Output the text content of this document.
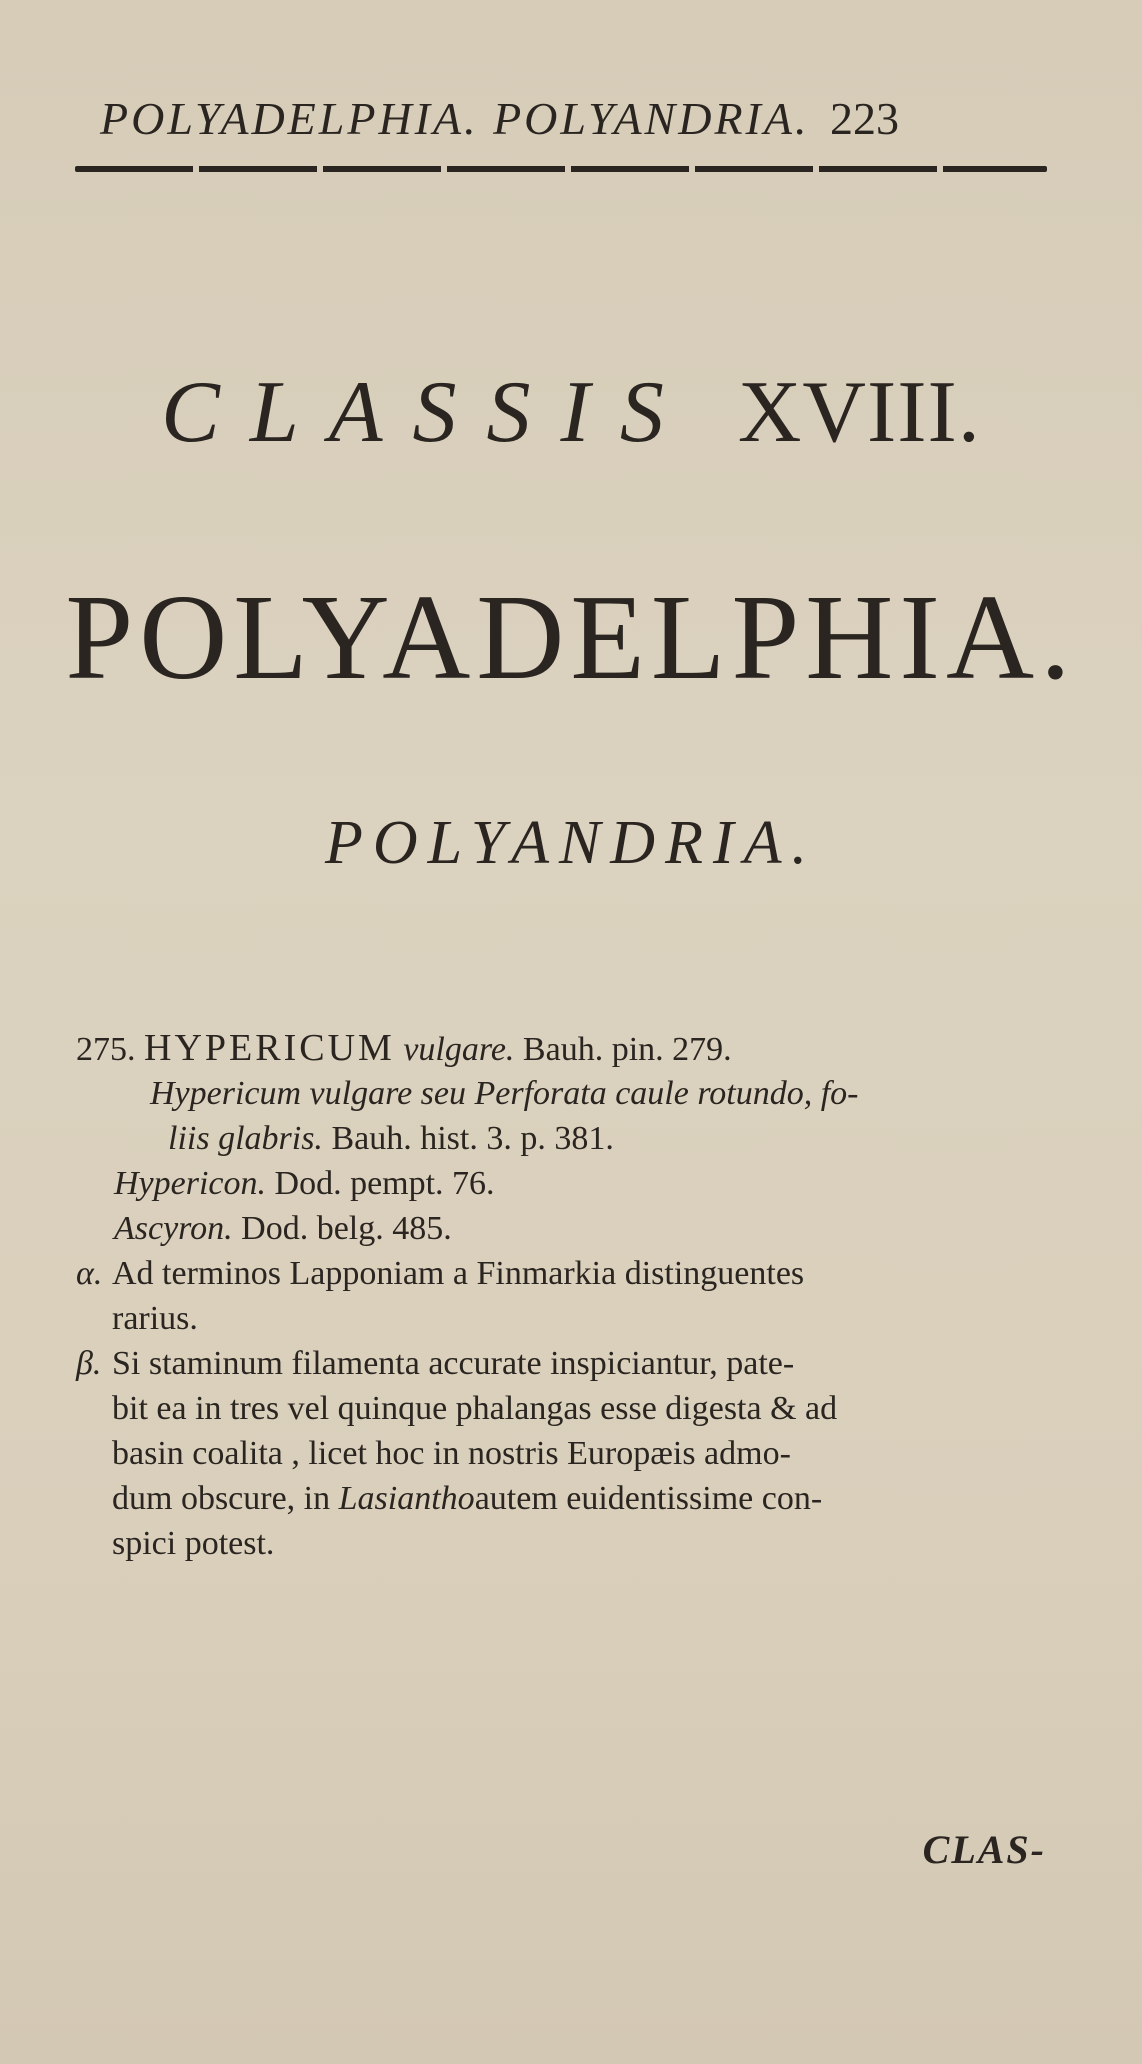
POLYADELPHIA. POLYANDRIA. 223
CLASSIS XVIII.
POLYADELPHIA.
POLYANDRIA.
275. HYPERICUM vulgare. Bauh. pin. 279.
Hypericum vulgare seu Perforata caule rotundo, fo-
liis glabris. Bauh. hist. 3. p. 381.
Hypericon. Dod. pempt. 76.
Ascyron. Dod. belg. 485.
α. Ad terminos Lapponiam a Finmarkia distinguentes
rarius.
β. Si staminum filamenta accurate inspiciantur, pate-
bit ea in tres vel quinque phalangas esse digesta & ad
basin coalita , licet hoc in nostris Europæis admo-
dum obscure, in Lasianthoautem euidentissime con-
spici potest.
CLAS-
